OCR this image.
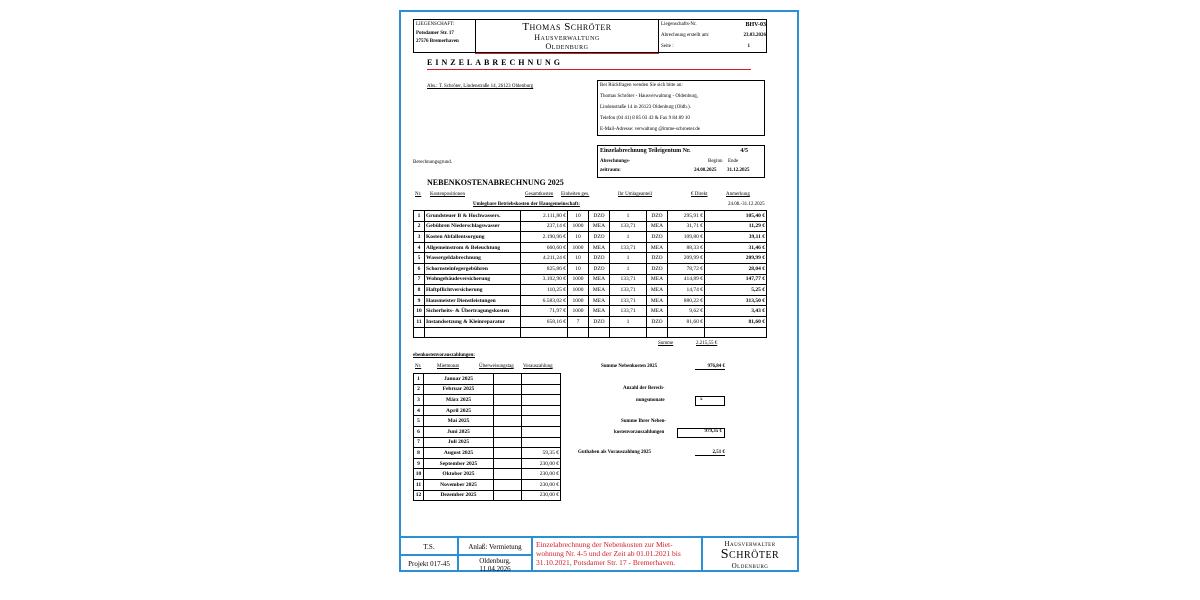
LIEGENSCHAFT:
Potsdamer Str. 17
27576 Bremerhaven
Thomas Schröter
Hausverwaltung
Oldenburg
Liegenschafts-Nr.	BHV-03
Abrechnung erstellt am:	23.03.2026
Seite :	1
EINZELABRECHNUNG
Abs.: T. Schröter, Lindenstraße 14, 26123 Oldenburg	Bei Rückfragen wenden Sie sich bitte an:
Thomas Schröter - Hausverwaltung - Oldenburg,
Lindenstraße 14 in 26123 Oldenburg (Oldb.).
Telefon (04 41) 8 85 03 43 & Fax 9 84 89 10
E-Mail-Adresse: verwaltung @imme-schroeter.de
Einzelabrechnung Teileigentum Nr.	4/5
Abrechnungs-	Beginn Ende
zeitraum:	24.08.2025 31.12.2025
Berechnungsgrund.
NEBENKOSTENABRECHNUNG 2025
Nr. Kostenpositionen	Gesamtkosten Einheiten ges.	Ihr Umlageanteil	€ Direkt	Anmerkung
Umlegbare Betriebskosten der Hausgemeinschaft:	24.08.-31.12.2025
1	Grundsteuer B & Hochwassers.	2.111,80 €	10	DZO	1	DZO	295,91 €	105,40 €
2	Gebühren Niederschlagswasser	237,14 €	1000	MEA	133,71	MEA	31,71 €	11,29 €
3	Kosten Abfallentsorgung	2.190,96 €	10	DZO	1	DZO	109,80 €	39,11 €
4	Allgemeinstrom & Beleuchtung	660,60 €	1000	MEA	133,71	MEA	88,33 €	31,46 €
5	Wassergeldabrechnung	4.211,24 €	10	DZO	1	DZO	209,99 €	209,99 €
6	Schornsteinfegergebühren	825,86 €	10	DZO	1	DZO	78,72 €	28,04 €
7	Wohngebäudeversicherung	3.102,90 €	1000	MEA	133,71	MEA	414,89 €	147,77 €
8	Haftpflichtversicherung	110,25 €	1000	MEA	133,71	MEA	14,74 €	5,25 €
9	Hausmeister Dienstleistungen	6.583,02 €	1000	MEA	133,71	MEA	880,22 €	313,50 €
10	Sicherheits- & Übertragungskosten	71,97 €	1000	MEA	133,71	MEA	9,62 €	3,43 €
11	Instandsetzung & Kleinreparatur	658,16 €	7	DZO	1	DZO	81,60 €	81,60 €

Summe	2.215,55 €
ebenkostenvorauszahlungen:
Nr.	Mietmonat	Überweisungstag Vorauszahlung
1	Januar 2025		
2	Februar 2025		
3	März 2025		
4	April 2025		
5	Mai 2025		
6	Juni 2025		
7	Juli 2025		
8	August 2025		59,35 €
9	September 2025		230,00 €
10	Oktober 2025		230,00 €
11	November 2025		230,00 €
12	Dezember 2025		230,00 €
Summe Nebenkosten 2025	976,84 €
Anzahl der Berech-
nungsmonate	5
Summe Ihrer Neben-
kostenvorauszahlungen	979,35 €
Guthaben als Vorauszahlung 2025	2,51 €
T.S.
Projekt 017-45
Anlaß: Vermietung
Oldenburg,
11.04.2026
Einzelabrechnung der Nebenkosten zur Miet-wohnung Nr. 4-5 und der Zeit ab 01.01.2021 bis 31.10.2021, Potsdamer Str. 17 - Bremerhaven.
Hausverwalter
Schröter
Oldenburg
